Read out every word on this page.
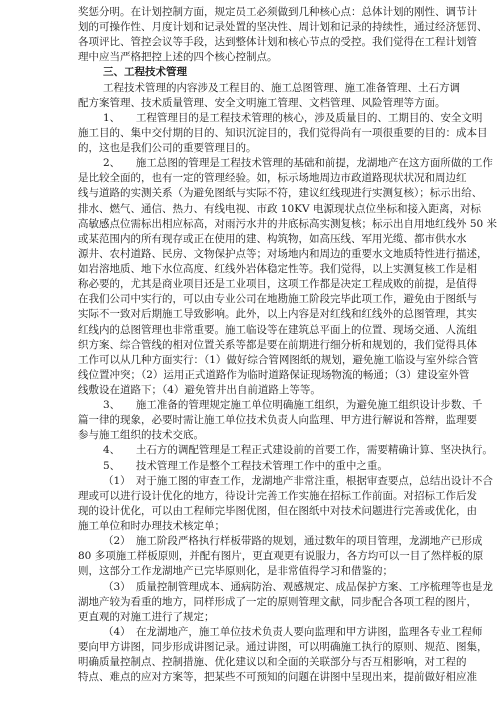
奖惩分明。在计划控制方面，规定员工必须做到几种核心点：总体计划的刚性、调节计
划的可操作性、月度计划和记录处置的坚决性、周计划和记录的持续性，通过经济惩罚、
各项评比、管控会议等手段，达到整体计划和核心节点的受控。我们觉得在工程计划管
理中应当严格把控上述的四个核心控制点。
三、工程技术管理
工程技术管理的内容涉及工程目的、施工总图管理、施工准备管理、土石方调
配方案管理、技术质量管理、安全文明施工管理、文档管理、风险管理等方面。
1、　　工程管理目的是工程技术管理的核心，涉及质量目的、工期目的、安全文明
施工目的、集中交付期的目的、知识沉淀目的，我们觉得尚有一项很重要的目的：成本目
的，这也是我们公司的重要管理目的。
2、　　施工总图的管理是工程技术管理的基础和前提，龙湖地产在这方面所做的工作
是比较全面的，也有一定的管理经验。如，标示场地周边市政道路现状状况和周边红
线与道路的实测关系（为避免图纸与实际不符，建议红线现进行实测复核）；标示出给、
排水、燃气、通信、热力、有线电视、市政 10KV 电源现状点位坐标和接入距离，对标
高敏感点位需标出相应标高，对雨污水井的井底标高实测复核；标示出自用地红线外 50 米
或某范围内的所有现存或正在使用的建、构筑物，如高压线、军用光缆、都市供水水
源井、农村道路、民房、文物保护点等；对场地内和周边的重要水文地质特性进行描述，
如岩溶地质、地下水位高度、红线外岩体稳定性等。我们觉得，以上实测复核工作是相
称必要的，尤其是商业项目还是工业项目，这项工作都是决定工程成败的前提，是值得
在我们公司中实行的，可以由专业公司在地勘施工阶段完毕此项工作，避免由于图纸与
实际不一致对后期施工导致影响。此外，以上内容是对红线和红线外的总图管理，其实
红线内的总图管理也非常重要。施工临设等在建筑总平面上的位置、现场交通、人流组
织方案、综合管线的相对位置关系等都是要在前期进行细分析和规划的，我们觉得具体
工作可以从几种方面实行：（1）做好综合管网图纸的规划，避免施工临设与室外综合管
线位置冲突；（2）运用正式道路作为临时道路保证现场物流的畅通；（3）建设室外管
线敷设在道路下；（4）避免管井出自前道路上等等。
3、　　施工准备的管理规定施工单位明确施工组织，为避免施工组织设计步数、千
篇一律的现象，必要时需让施工单位技术负责人向监理、甲方进行解说和答辩，监理要
参与施工组织的技术交底。
4、　　土石方的调配管理是工程正式建设前的首要工作，需要精确计算、坚决执行。
5、　　技术管理工作是整个工程技术管理工作中的重中之重。
（1）　对于施工图的审查工作，龙湖地产非常注重，根据审查要点，总结出设计不合
理或可以进行设计优化的地方，待设计完善工作实施在招标工作前面。对招标工作后发
现的设计优化，可以由工程师完毕图优图，但在图纸中对技术问题进行完善或优化，由
施工单位和时办理技术核定单；
（2）　施工阶段严格执行样板带路的规划，通过数年的项目管理，龙湖地产已形成
80 多项施工样板原则，并配有图片，更直观更有说服力，各方均可以一目了然样板的原
则，这部分工作龙湖地产已完毕原则化，是非常值得学习和借鉴的；
（3）　质量控制管理成本、通病防治、观感规定、成品保护方案、工序梳理等也是龙
湖地产较为看重的地方，同样形成了一定的原则管理文献，同步配合各项工程的图片，
更直观的对施工进行了规定；
（4）　在龙湖地产，施工单位技术负责人要向监理和甲方讲图，监理各专业工程师
要向甲方讲图，同步形成讲图记录。通过讲图，可以明确施工执行的原则、规范、图集，
明确质量控制点、控制措施、优化建议以和全面的关联部分与否互相影响，对工程的
特点、难点的应对方案等，把某些不可预知的问题在讲图中呈现出来，提前做好相应准
